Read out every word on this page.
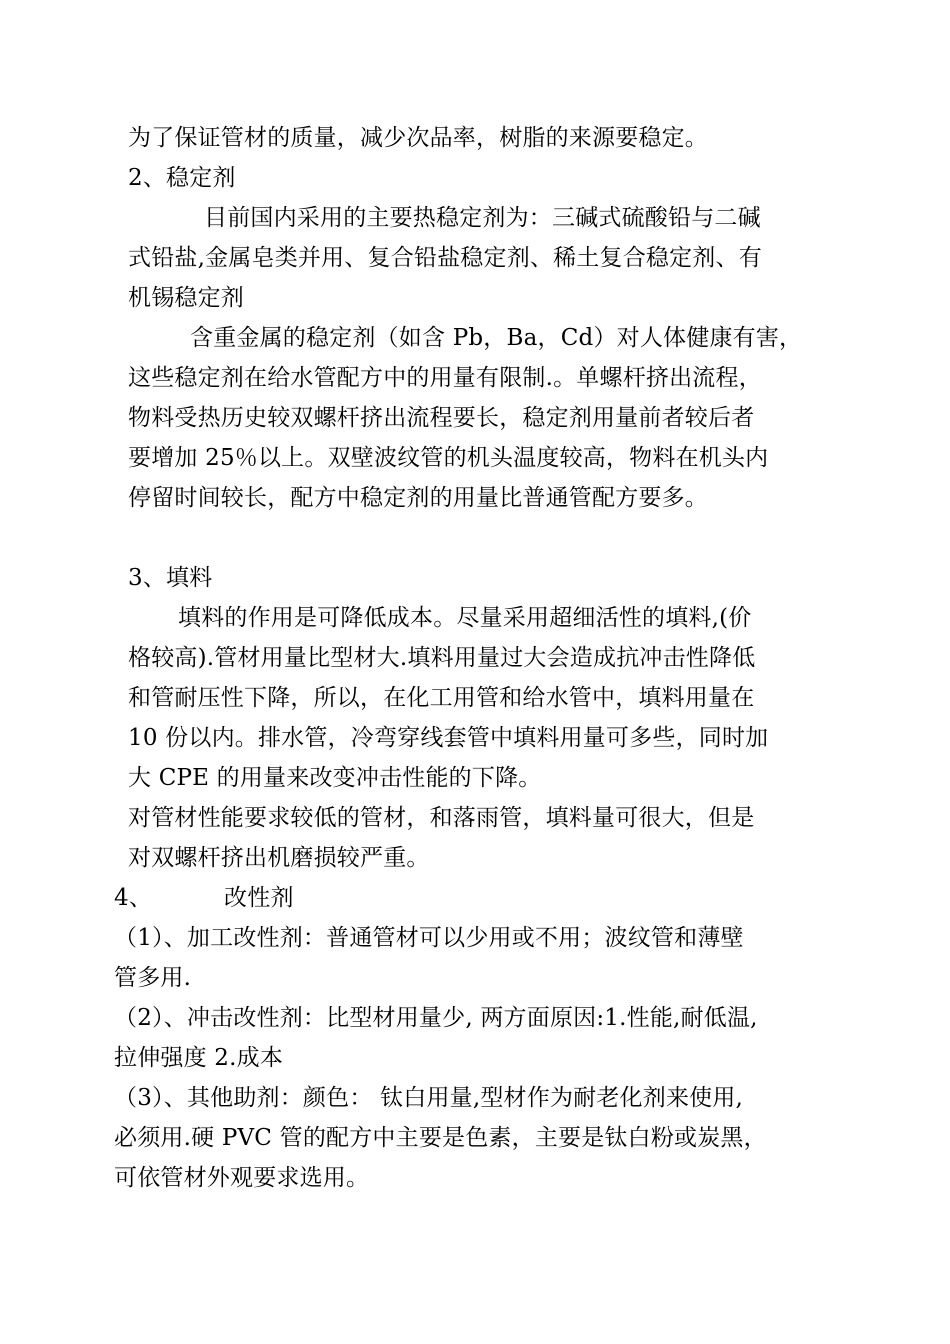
为了保证管材的质量，减少次品率，树脂的来源要稳定。
2、稳定剂
目前国内采用的主要热稳定剂为：三碱式硫酸铅与二碱
式铅盐,金属皂类并用、复合铅盐稳定剂、稀土复合稳定剂、有
机锡稳定剂
含重金属的稳定剂（如含 Pb，Ba，Cd）对人体健康有害，
这些稳定剂在给水管配方中的用量有限制.。单螺杆挤出流程，
物料受热历史较双螺杆挤出流程要长，稳定剂用量前者较后者
要增加 25％以上。双壁波纹管的机头温度较高，物料在机头内
停留时间较长，配方中稳定剂的用量比普通管配方要多。
3、填料
填料的作用是可降低成本。尽量采用超细活性的填料,(价
格较高).管材用量比型材大.填料用量过大会造成抗冲击性降低
和管耐压性下降，所以，在化工用管和给水管中，填料用量在
10 份以内。排水管，冷弯穿线套管中填料用量可多些，同时加
大 CPE 的用量来改变冲击性能的下降。
对管材性能要求较低的管材，和落雨管，填料量可很大，但是
对双螺杆挤出机磨损较严重。
4、	改性剂
（1）、加工改性剂：普通管材可以少用或不用；波纹管和薄壁
管多用.
（2）、冲击改性剂：比型材用量少, 两方面原因:1.性能,耐低温,
拉伸强度 2.成本
（3）、其他助剂：颜色： 钛白用量,型材作为耐老化剂来使用,
必须用.硬 PVC 管的配方中主要是色素，主要是钛白粉或炭黑，
可依管材外观要求选用。
